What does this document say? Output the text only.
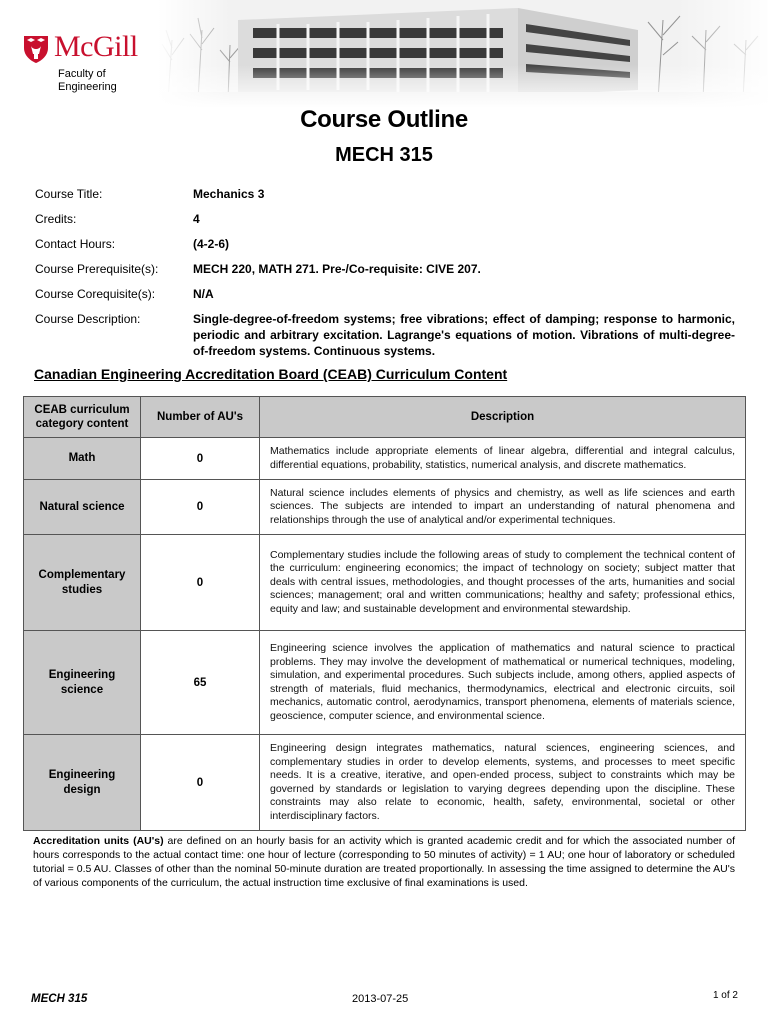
McGill
Faculty of
Engineering
Course Outline
MECH 315
Course Title:	Mechanics 3
Credits:	4
Contact Hours:	(4-2-6)
Course Prerequisite(s):	MECH 220, MATH 271. Pre-/Co-requisite: CIVE 207.
Course Corequisite(s):	N/A
Course Description:	Single-degree-of-freedom systems; free vibrations; effect of damping; response to harmonic, periodic and arbitrary excitation. Lagrange's equations of motion. Vibrations of multi-degree-of-freedom systems. Continuous systems.
Canadian Engineering Accreditation Board (CEAB) Curriculum Content
CEAB curriculum category content	Number of AU's	Description
Math	0	Mathematics include appropriate elements of linear algebra, differential and integral calculus, differential equations, probability, statistics, numerical analysis, and discrete mathematics.
Natural science	0	Natural science includes elements of physics and chemistry, as well as life sciences and earth sciences. The subjects are intended to impart an understanding of natural phenomena and relationships through the use of analytical and/or experimental techniques.
Complementary studies	0	Complementary studies include the following areas of study to complement the technical content of the curriculum: engineering economics; the impact of technology on society; subject matter that deals with central issues, methodologies, and thought processes of the arts, humanities and social sciences; management; oral and written communications; healthy and safety; professional ethics, equity and law; and sustainable development and environmental stewardship.
Engineering science	65	Engineering science involves the application of mathematics and natural science to practical problems. They may involve the development of mathematical or numerical techniques, modeling, simulation, and experimental procedures. Such subjects include, among others, applied aspects of strength of materials, fluid mechanics, thermodynamics, electrical and electronic circuits, soil mechanics, automatic control, aerodynamics, transport phenomena, elements of materials science, geoscience, computer science, and environmental science.
Engineering design	0	Engineering design integrates mathematics, natural sciences, engineering sciences, and complementary studies in order to develop elements, systems, and processes to meet specific needs. It is a creative, iterative, and open-ended process, subject to constraints which may be governed by standards or legislation to varying degrees depending upon the discipline. These constraints may also relate to economic, health, safety, environmental, societal or other interdisciplinary factors.
Accreditation units (AU's) are defined on an hourly basis for an activity which is granted academic credit and for which the associated number of hours corresponds to the actual contact time: one hour of lecture (corresponding to 50 minutes of activity) = 1 AU; one hour of laboratory or scheduled tutorial = 0.5 AU. Classes of other than the nominal 50-minute duration are treated proportionally. In assessing the time assigned to determine the AU's of various components of the curriculum, the actual instruction time exclusive of final examinations is used.
MECH 315	2013-07-25	1 of 2
